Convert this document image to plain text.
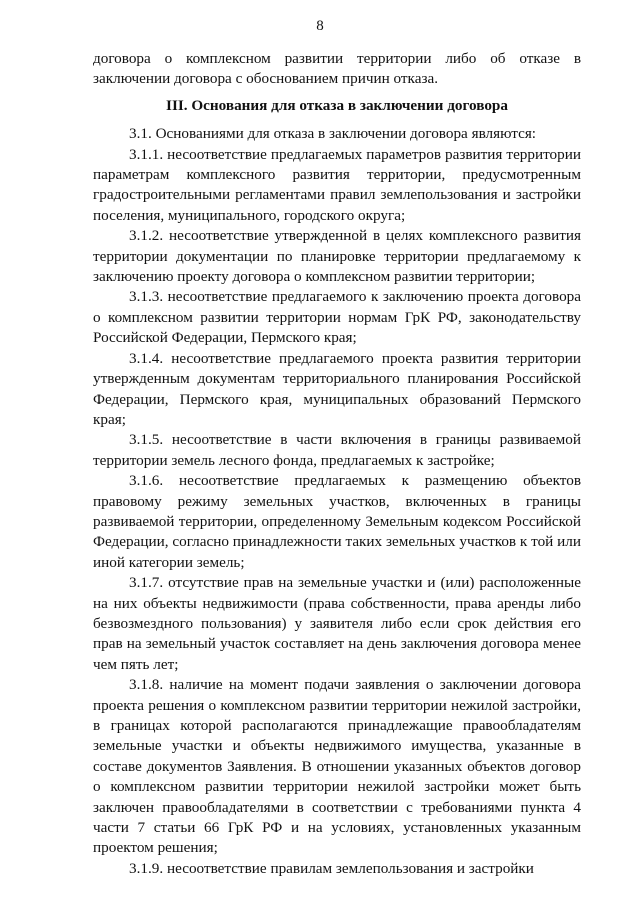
8

договора о комплексном развитии территории либо об отказе в заключении договора с обоснованием причин отказа.

III. Основания для отказа в заключении договора

3.1. Основаниями для отказа в заключении договора являются:

3.1.1. несоответствие предлагаемых параметров развития территории параметрам комплексного развития территории, предусмотренным градостроительными регламентами правил землепользования и застройки поселения, муниципального, городского округа;

3.1.2. несоответствие утвержденной в целях комплексного развития территории документации по планировке территории предлагаемому к заключению проекту договора о комплексном развитии территории;

3.1.3. несоответствие предлагаемого к заключению проекта договора о комплексном развитии территории нормам ГрК РФ, законодательству Российской Федерации, Пермского края;

3.1.4. несоответствие предлагаемого проекта развития территории утвержденным документам территориального планирования Российской Федерации, Пермского края, муниципальных образований Пермского края;

3.1.5. несоответствие в части включения в границы развиваемой территории земель лесного фонда, предлагаемых к застройке;

3.1.6. несоответствие предлагаемых к размещению объектов правовому режиму земельных участков, включенных в границы развиваемой территории, определенному Земельным кодексом Российской Федерации, согласно принадлежности таких земельных участков к той или иной категории земель;

3.1.7. отсутствие прав на земельные участки и (или) расположенные на них объекты недвижимости (права собственности, права аренды либо безвозмездного пользования) у заявителя либо если срок действия его прав на земельный участок составляет на день заключения договора менее чем пять лет;

3.1.8. наличие на момент подачи заявления о заключении договора проекта решения о комплексном развитии территории нежилой застройки, в границах которой располагаются принадлежащие правообладателям земельные участки и объекты недвижимого имущества, указанные в составе документов Заявления. В отношении указанных объектов договор о комплексном развитии территории нежилой застройки может быть заключен правообладателями в соответствии с требованиями пункта 4 части 7 статьи 66 ГрК РФ и на условиях, установленных указанным проектом решения;

3.1.9. несоответствие правилам землепользования и застройки
